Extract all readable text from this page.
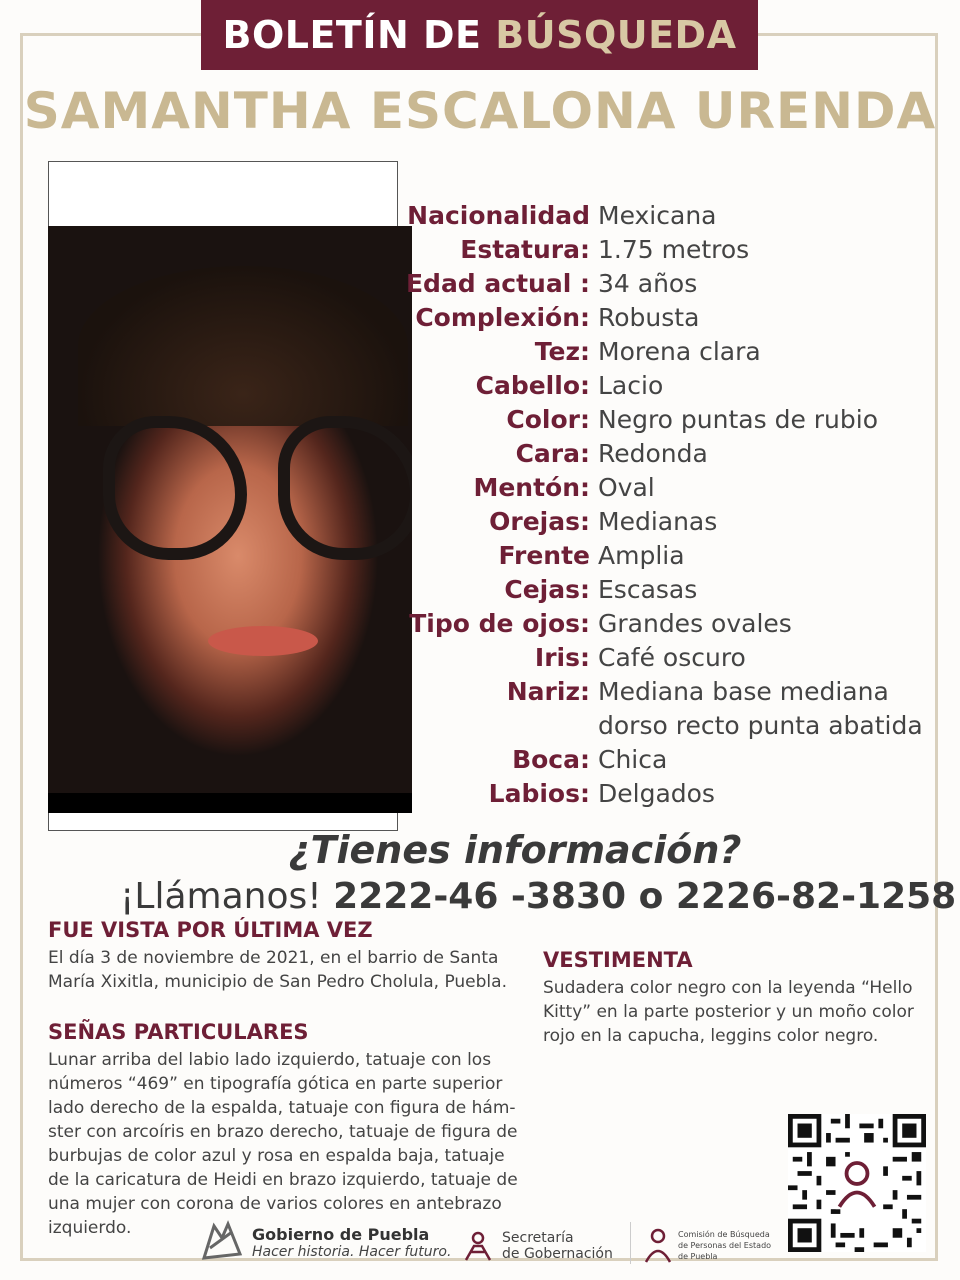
BOLETÍN DE BÚSQUEDA
SAMANTHA ESCALONA URENDA
Nacionalidad Mexicana
Estatura: 1.75 metros
Edad actual : 34 años
Complexión: Robusta
Tez: Morena clara
Cabello: Lacio
Color: Negro puntas de rubio
Cara: Redonda
Mentón: Oval
Orejas: Medianas
Frente Amplia
Cejas: Escasas
Tipo de ojos: Grandes ovales
Iris: Café oscuro
Nariz: Mediana base mediana
dorso recto punta abatida
Boca: Chica
Labios: Delgados
¿Tienes información?
¡Llámanos! 2222-46 -3830 o 2226-82-1258
FUE VISTA POR ÚLTIMA VEZ
El día 3 de noviembre de 2021, en el barrio de Santa
María Xixitla, municipio de San Pedro Cholula, Puebla.
VESTIMENTA
Sudadera color negro con la leyenda “Hello
Kitty” en la parte posterior y un moño color
rojo en la capucha, leggins color negro.
SEÑAS PARTICULARES
Lunar arriba del labio lado izquierdo, tatuaje con los
números “469” en tipografía gótica en parte superior
lado derecho de la espalda, tatuaje con figura de hám-
ster con arcoíris en brazo derecho, tatuaje de figura de
burbujas de color azul y rosa en espalda baja, tatuaje
de la caricatura de Heidi en brazo izquierdo, tatuaje de
una mujer con corona de varios colores en antebrazo
izquierdo.	Gobierno de Puebla
Hacer historia. Hacer futuro.
Secretaría
de Gobernación
Comisión de Búsqueda
de Personas del Estado
de Puebla
